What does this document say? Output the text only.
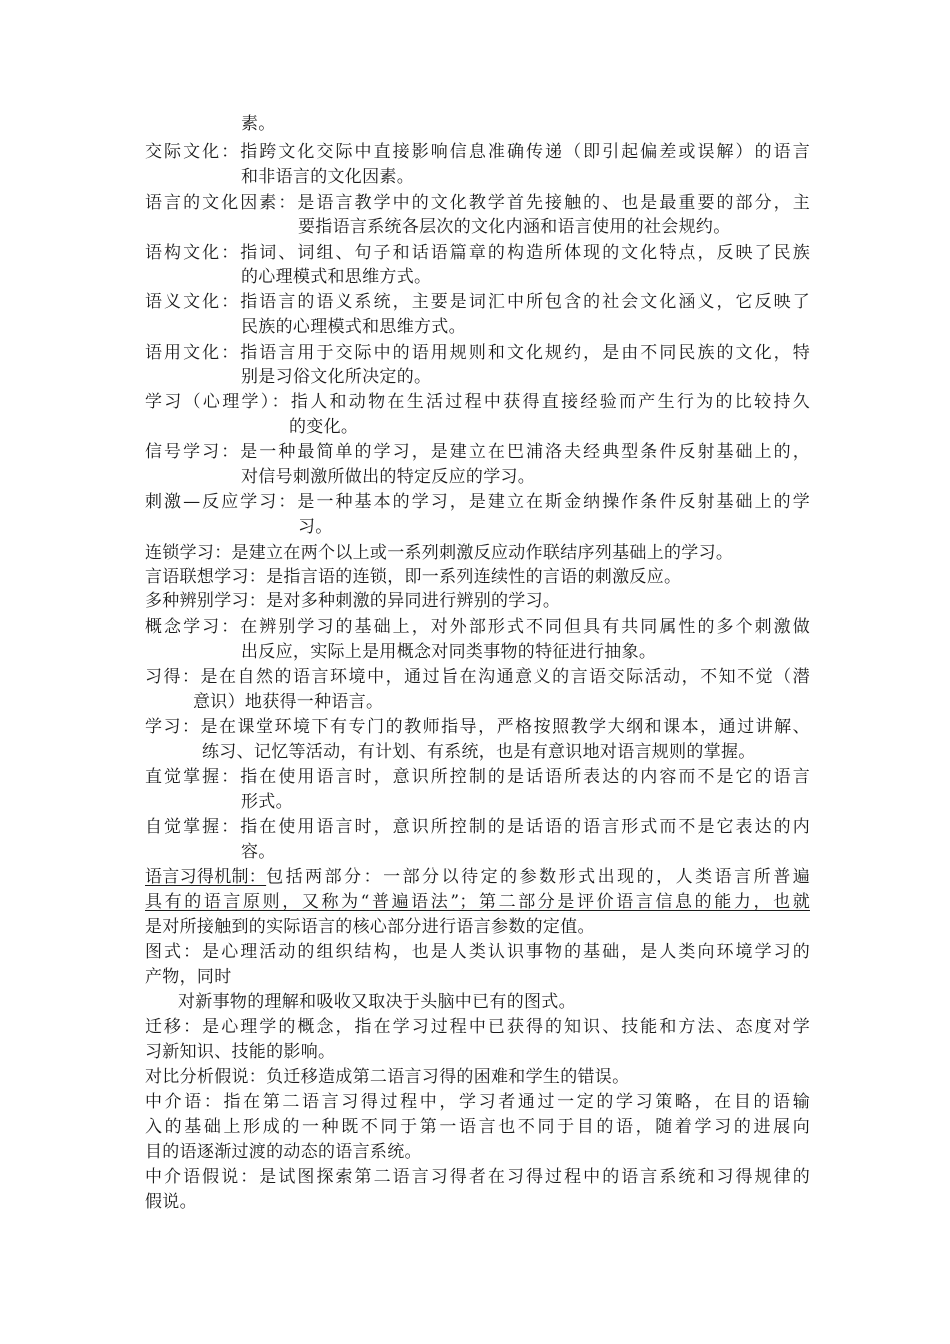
素。
交际文化：指跨文化交际中直接影响信息准确传递（即引起偏差或误解）的语言
和非语言的文化因素。
语言的文化因素：是语言教学中的文化教学首先接触的、也是最重要的部分，主
要指语言系统各层次的文化内涵和语言使用的社会规约。
语构文化：指词、词组、句子和话语篇章的构造所体现的文化特点，反映了民族
的心理模式和思维方式。
语义文化：指语言的语义系统，主要是词汇中所包含的社会文化涵义，它反映了
民族的心理模式和思维方式。
语用文化：指语言用于交际中的语用规则和文化规约，是由不同民族的文化，特
别是习俗文化所决定的。
学习（心理学）：指人和动物在生活过程中获得直接经验而产生行为的比较持久
的变化。
信号学习：是一种最简单的学习，是建立在巴浦洛夫经典型条件反射基础上的，
对信号刺激所做出的特定反应的学习。
刺激—反应学习：是一种基本的学习，是建立在斯金纳操作条件反射基础上的学
习。
连锁学习：是建立在两个以上或一系列刺激反应动作联结序列基础上的学习。
言语联想学习：是指言语的连锁，即一系列连续性的言语的刺激反应。
多种辨别学习：是对多种刺激的异同进行辨别的学习。
概念学习：在辨别学习的基础上，对外部形式不同但具有共同属性的多个刺激做
出反应，实际上是用概念对同类事物的特征进行抽象。
习得：是在自然的语言环境中，通过旨在沟通意义的言语交际活动，不知不觉（潜
意识）地获得一种语言。
学习：是在课堂环境下有专门的教师指导，严格按照教学大纲和课本，通过讲解、
练习、记忆等活动，有计划、有系统，也是有意识地对语言规则的掌握。
直觉掌握：指在使用语言时，意识所控制的是话语所表达的内容而不是它的语言
形式。
自觉掌握：指在使用语言时，意识所控制的是话语的语言形式而不是它表达的内
容。
语言习得机制： 包括两部分：一部分以待定的参数形式出现的，人类语言所普遍
具有的语言原则，又称为“普遍语法”；第二部分是评价语言信息的能力，也就
是对所接触到的实际语言的核心部分进行语言参数的定值。
图式：是心理活动的组织结构，也是人类认识事物的基础，是人类向环境学习的
产物，同时
对新事物的理解和吸收又取决于头脑中已有的图式。
迁移：是心理学的概念，指在学习过程中已获得的知识、技能和方法、态度对学
习新知识、技能的影响。
对比分析假说：负迁移造成第二语言习得的困难和学生的错误。
中介语：指在第二语言习得过程中，学习者通过一定的学习策略，在目的语输
入的基础上形成的一种既不同于第一语言也不同于目的语，随着学习的进展向
目的语逐渐过渡的动态的语言系统。
中介语假说：是试图探索第二语言习得者在习得过程中的语言系统和习得规律的
假说。
